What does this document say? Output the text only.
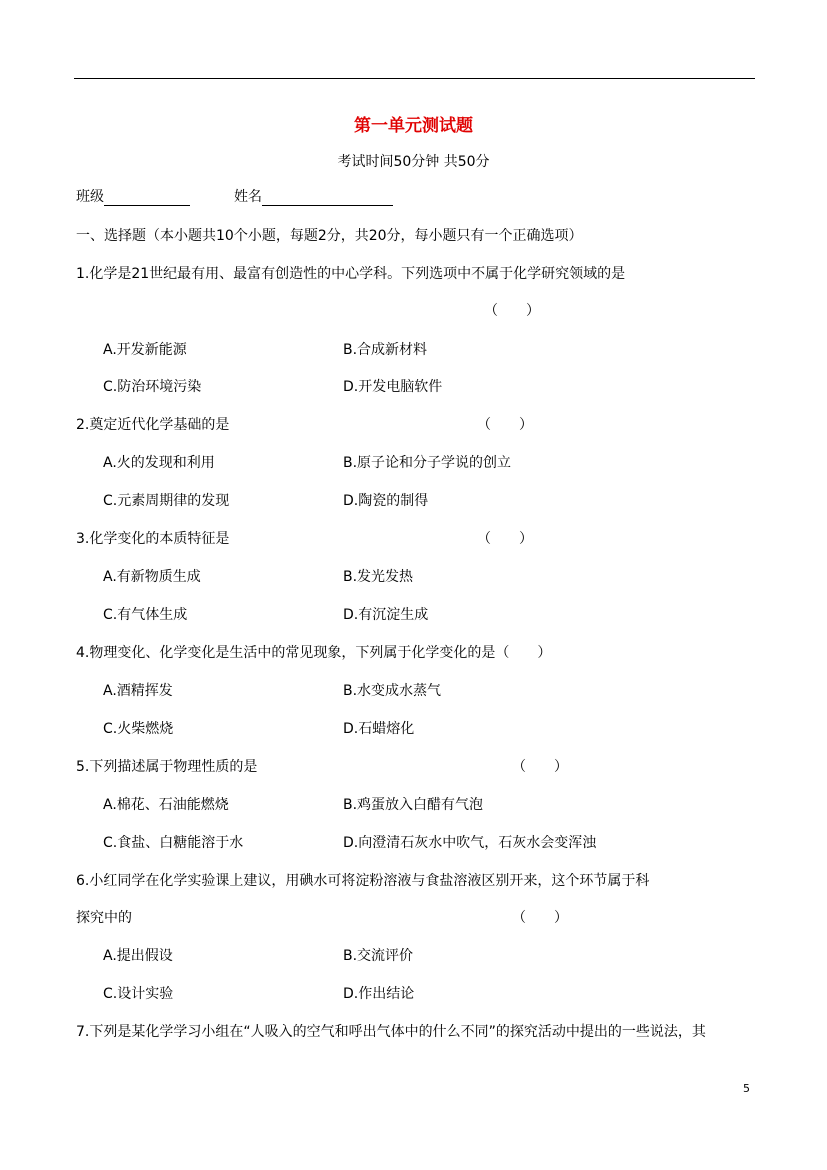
第一单元测试题
考试时间50分钟 共50分
班级	姓名
一、选择题（本小题共10个小题，每题2分，共20分，每小题只有一个正确选项）
1.化学是21世纪最有用、最富有创造性的中心学科。下列选项中不属于化学研究领域的是
（　　）
A.开发新能源	B.合成新材料
C.防治环境污染	D.开发电脑软件
2.奠定近代化学基础的是	（　　）
A.火的发现和利用	B.原子论和分子学说的创立
C.元素周期律的发现	D.陶瓷的制得
3.化学变化的本质特征是	（　　）
A.有新物质生成	B.发光发热
C.有气体生成	D.有沉淀生成
4.物理变化、化学变化是生活中的常见现象，下列属于化学变化的是（　　）
A.酒精挥发	B.水变成水蒸气
C.火柴燃烧	D.石蜡熔化
5.下列描述属于物理性质的是	（　　）
A.棉花、石油能燃烧	B.鸡蛋放入白醋有气泡
C.食盐、白糖能溶于水	D.向澄清石灰水中吹气，石灰水会变浑浊
6.小红同学在化学实验课上建议，用碘水可将淀粉溶液与食盐溶液区别开来，这个环节属于科
探究中的	（　　）
A.提出假设	B.交流评价
C.设计实验	D.作出结论
7.下列是某化学学习小组在“人吸入的空气和呼出气体中的什么不同”的探究活动中提出的一些说法，其
5
